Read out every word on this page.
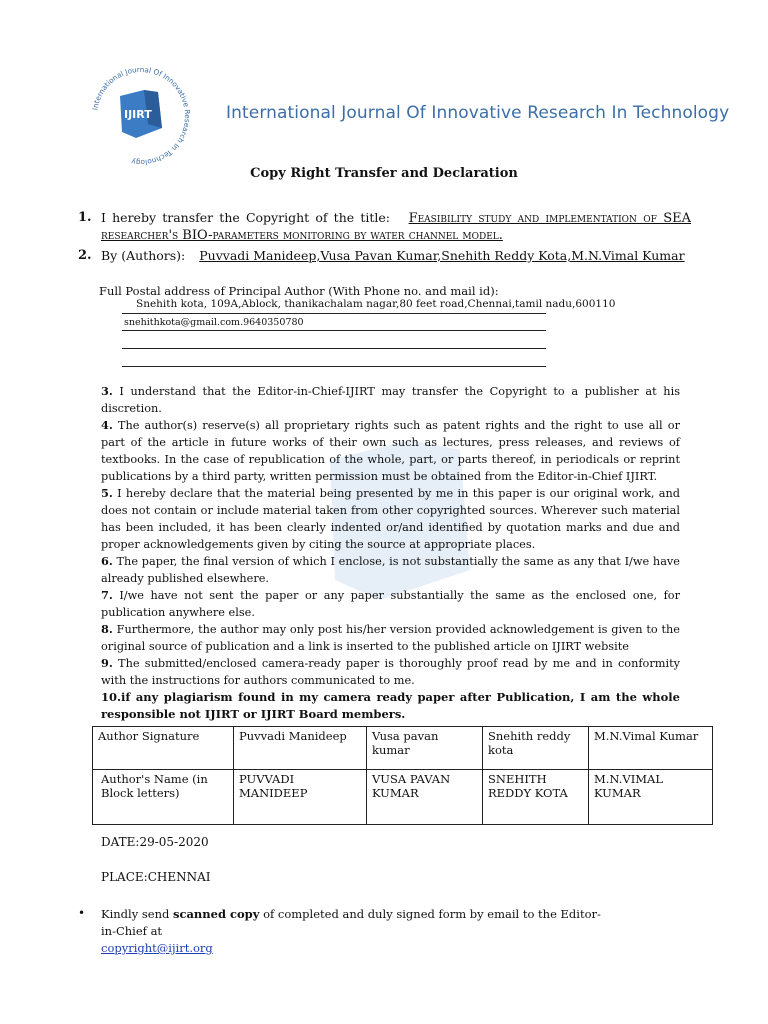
International Journal Of Innovative Research In Technology
IJIRT	International Journal Of Innovative Research In Technology
Copy Right Transfer and Declaration
1. I hereby transfer the Copyright of the title: Feasibility study and implementation of SEA researcher's BIO-parameters monitoring by water channel model.
2. By (Authors): Puvvadi Manideep,Vusa Pavan Kumar,Snehith Reddy Kota,M.N.Vimal Kumar
Full Postal address of Principal Author (With Phone no. and mail id):
Snehith kota, 109A,Ablock, thanikachalam nagar,80 feet road,Chennai,tamil nadu,600110
snehithkota@gmail.com.9640350780

3. I understand that the Editor-in-Chief-IJIRT may transfer the Copyright to a publisher at his discretion.

4. The author(s) reserve(s) all proprietary rights such as patent rights and the right to use all or part of the article in future works of their own such as lectures, press releases, and reviews of textbooks. In the case of republication of the whole, part, or parts thereof, in periodicals or reprint publications by a third party, written permission must be obtained from the Editor-in-Chief IJIRT.

5. I hereby declare that the material being presented by me in this paper is our original work, and does not contain or include material taken from other copyrighted sources. Wherever such material has been included, it has been clearly indented or/and identified by quotation marks and due and proper acknowledgements given by citing the source at appropriate places.

6. The paper, the final version of which I enclose, is not substantially the same as any that I/we have already published elsewhere.

7. I/we have not sent the paper or any paper substantially the same as the enclosed one, for publication anywhere else.

8. Furthermore, the author may only post his/her version provided acknowledgement is given to the original source of publication and a link is inserted to the published article on IJIRT website

9. The submitted/enclosed camera-ready paper is thoroughly proof read by me and in conformity with the instructions for authors communicated to me.

10.if any plagiarism found in my camera ready paper after Publication, I am the whole responsible not IJIRT or IJIRT Board members.

Author Signature	Puvvadi Manideep	Vusa pavan kumar	Snehith reddy kota	M.N.Vimal Kumar
Author's Name (in Block letters)	PUVVADI MANIDEEP	VUSA PAVAN KUMAR	SNEHITH REDDY KOTA	M.N.VIMAL KUMAR
DATE:29-05-2020
PLACE:CHENNAI
• Kindly send scanned copy of completed and duly signed form by email to the Editor-in-Chief at
copyright@ijirt.org
